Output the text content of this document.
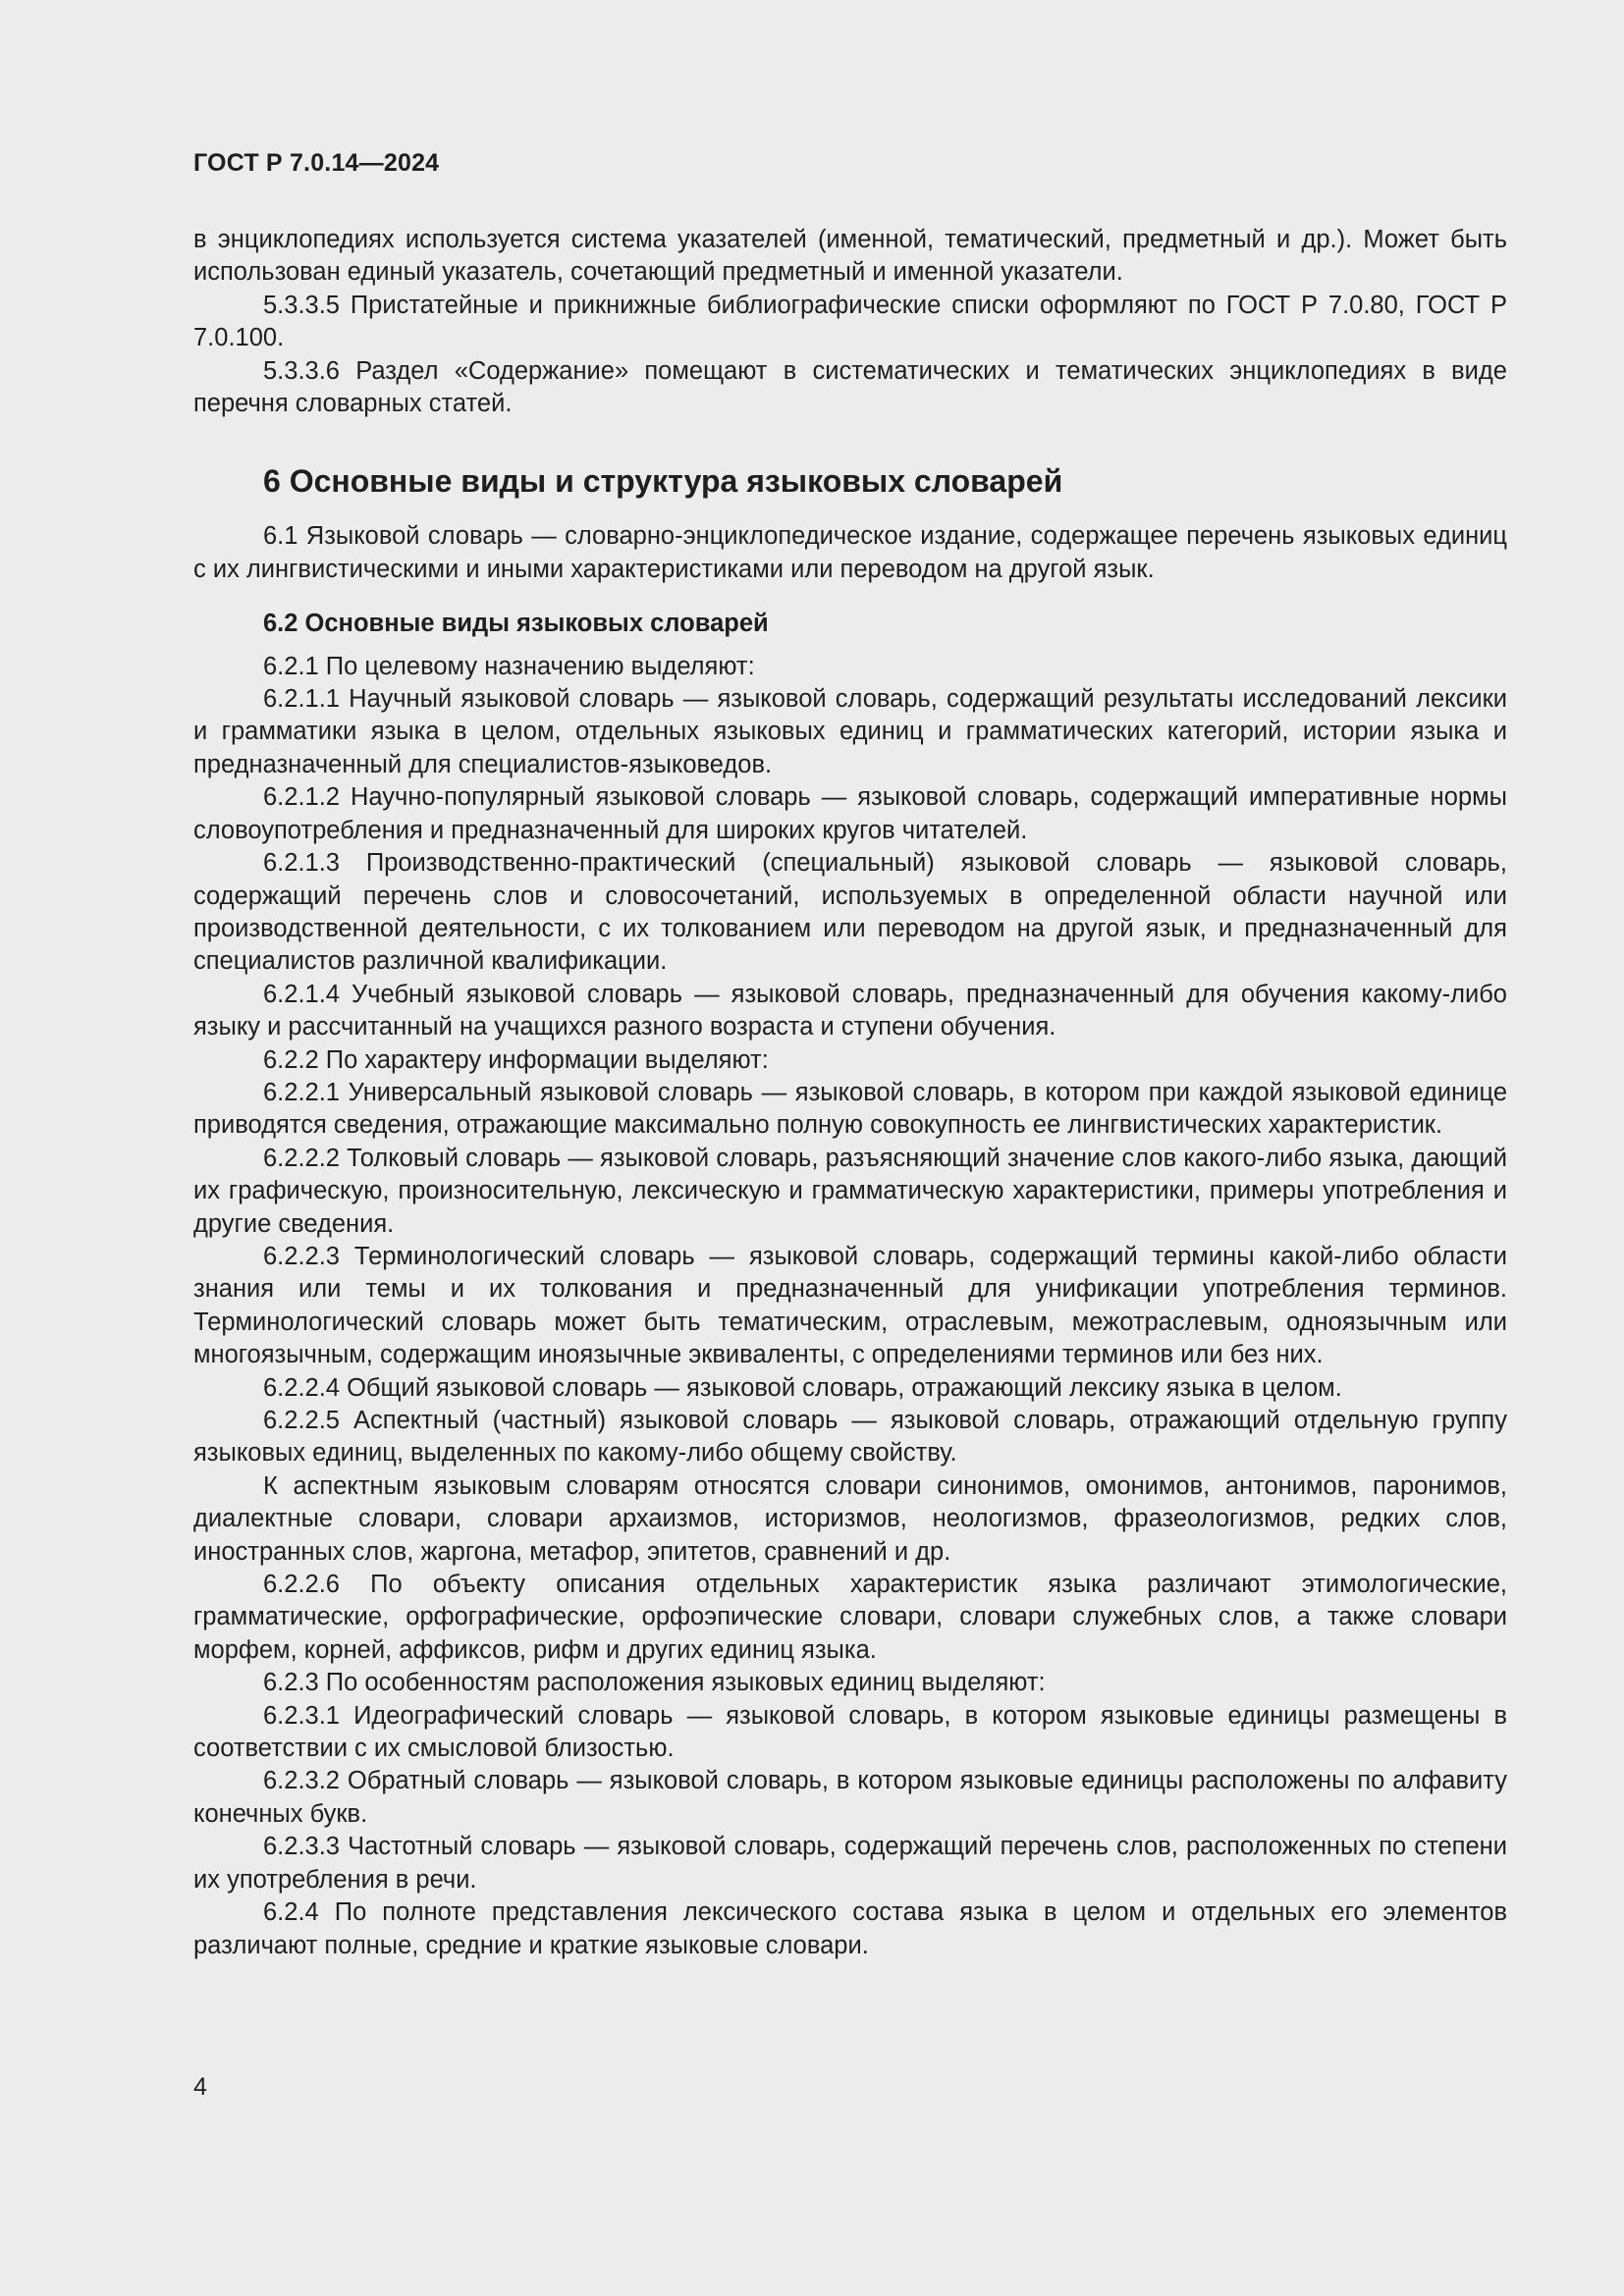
ГОСТ Р 7.0.14—2024

в энциклопедиях используется система указателей (именной, тематический, предметный и др.). Может быть использован единый указатель, сочетающий предметный и именной указатели.

5.3.3.5 Пристатейные и прикнижные библиографические списки оформляют по ГОСТ Р 7.0.80, ГОСТ Р 7.0.100.

5.3.3.6 Раздел «Содержание» помещают в систематических и тематических энциклопедиях в виде перечня словарных статей.

6 Основные виды и структура языковых словарей

6.1 Языковой словарь — словарно-энциклопедическое издание, содержащее перечень языковых единиц с их лингвистическими и иными характеристиками или переводом на другой язык.

6.2 Основные виды языковых словарей

6.2.1 По целевому назначению выделяют:

6.2.1.1 Научный языковой словарь — языковой словарь, содержащий результаты исследований лексики и грамматики языка в целом, отдельных языковых единиц и грамматических категорий, истории языка и предназначенный для специалистов-языковедов.

6.2.1.2 Научно-популярный языковой словарь — языковой словарь, содержащий императивные нормы словоупотребления и предназначенный для широких кругов читателей.

6.2.1.3 Производственно-практический (специальный) языковой словарь — языковой словарь, содержащий перечень слов и словосочетаний, используемых в определенной области научной или производственной деятельности, с их толкованием или переводом на другой язык, и предназначенный для специалистов различной квалификации.

6.2.1.4 Учебный языковой словарь — языковой словарь, предназначенный для обучения какому-либо языку и рассчитанный на учащихся разного возраста и ступени обучения.

6.2.2 По характеру информации выделяют:

6.2.2.1 Универсальный языковой словарь — языковой словарь, в котором при каждой языковой единице приводятся сведения, отражающие максимально полную совокупность ее лингвистических характеристик.

6.2.2.2 Толковый словарь — языковой словарь, разъясняющий значение слов какого-либо языка, дающий их графическую, произносительную, лексическую и грамматическую характеристики, примеры употребления и другие сведения.

6.2.2.3 Терминологический словарь — языковой словарь, содержащий термины какой-либо области знания или темы и их толкования и предназначенный для унификации употребления терминов. Терминологический словарь может быть тематическим, отраслевым, межотраслевым, одноязычным или многоязычным, содержащим иноязычные эквиваленты, с определениями терминов или без них.

6.2.2.4 Общий языковой словарь — языковой словарь, отражающий лексику языка в целом.

6.2.2.5 Аспектный (частный) языковой словарь — языковой словарь, отражающий отдельную группу языковых единиц, выделенных по какому-либо общему свойству.

К аспектным языковым словарям относятся словари синонимов, омонимов, антонимов, паронимов, диалектные словари, словари архаизмов, историзмов, неологизмов, фразеологизмов, редких слов, иностранных слов, жаргона, метафор, эпитетов, сравнений и др.

6.2.2.6 По объекту описания отдельных характеристик языка различают этимологические, грамматические, орфографические, орфоэпические словари, словари служебных слов, а также словари морфем, корней, аффиксов, рифм и других единиц языка.

6.2.3 По особенностям расположения языковых единиц выделяют:

6.2.3.1 Идеографический словарь — языковой словарь, в котором языковые единицы размещены в соответствии с их смысловой близостью.

6.2.3.2 Обратный словарь — языковой словарь, в котором языковые единицы расположены по алфавиту конечных букв.

6.2.3.3 Частотный словарь — языковой словарь, содержащий перечень слов, расположенных по степени их употребления в речи.

6.2.4 По полноте представления лексического состава языка в целом и отдельных его элементов различают полные, средние и краткие языковые словари.

4
